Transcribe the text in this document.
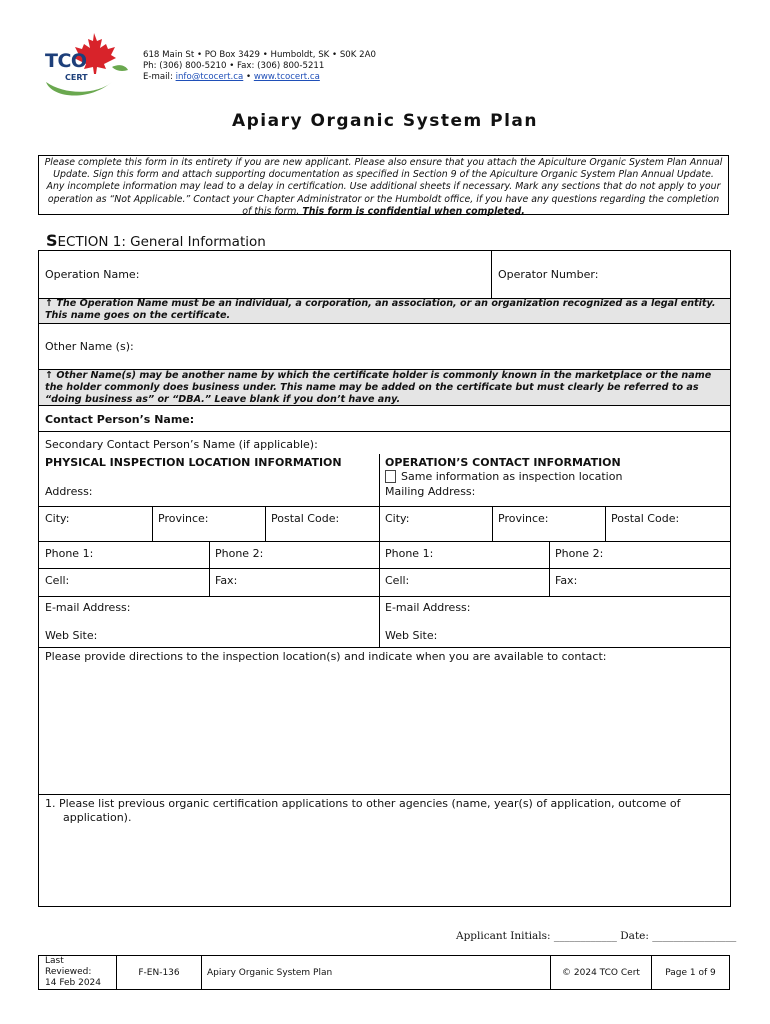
TCO
CERT
618 Main St • PO Box 3429 • Humboldt, SK • S0K 2A0
Ph: (306) 800-5210 • Fax: (306) 800-5211
E-mail: info@tcocert.ca • www.tcocert.ca
Apiary Organic System Plan
Please complete this form in its entirety if you are new applicant. Please also ensure that you attach the Apiculture Organic System Plan Annual Update. Sign this form and attach supporting documentation as specified in Section 9 of the Apiculture Organic System Plan Annual Update. Any incomplete information may lead to a delay in certification. Use additional sheets if necessary. Mark any sections that do not apply to your operation as “Not Applicable.” Contact your Chapter Administrator or the Humboldt office, if you have any questions regarding the completion of this form. This form is confidential when completed.
SECTION 1: General Information
Operation Name:	Operator Number:
↑ The Operation Name must be an individual, a corporation, an association, or an organization recognized as a legal entity. This name goes on the certificate.
Other Name (s):
↑ Other Name(s) may be another name by which the certificate holder is commonly known in the marketplace or the name the holder commonly does business under. This name may be added on the certificate but must clearly be referred to as “doing business as” or “DBA.” Leave blank if you don’t have any.
Contact Person’s Name:
Secondary Contact Person’s Name (if applicable):
PHYSICAL INSPECTION LOCATION INFORMATION	OPERATION’S CONTACT INFORMATION
Same information as inspection location
Address:	Mailing Address:
City:	Province:	Postal Code:	City:	Province:	Postal Code:
Phone 1:	Phone 2:	Phone 1:	Phone 2:
Cell:	Fax:	Cell:	Fax:
E-mail Address:	E-mail Address:
Web Site:	Web Site:
Please provide directions to the inspection location(s) and indicate when you are available to contact:
1. Please list previous organic certification applications to other agencies (name, year(s) of application, outcome of
application).
Applicant Initials: ____________ Date: ________________
Last
Reviewed:
14 Feb 2024
F-EN-136	Apiary Organic System Plan	© 2024 TCO Cert	Page 1 of 9
